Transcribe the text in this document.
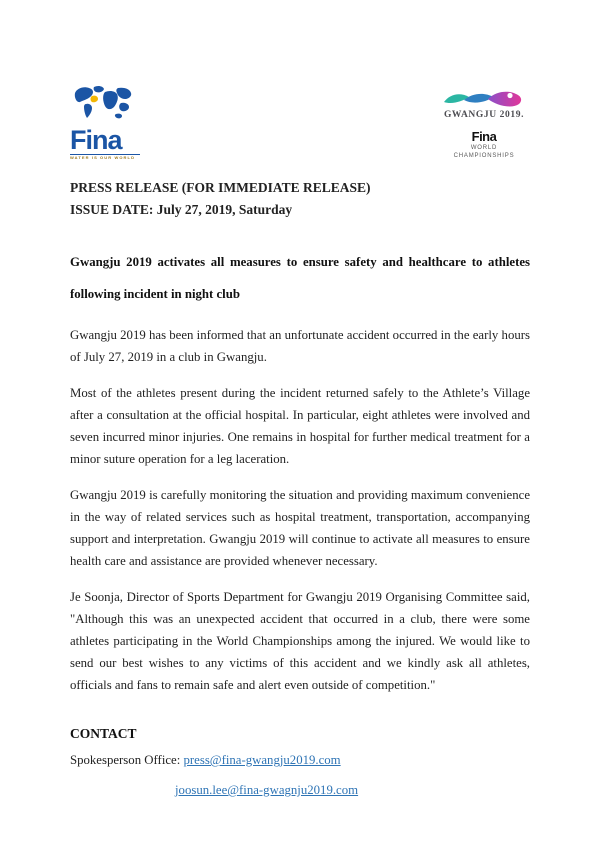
Fina
WATER IS OUR WORLD
GWANGJU 2019.
Fina
WORLD
CHAMPIONSHIPS
PRESS RELEASE (FOR IMMEDIATE RELEASE)
ISSUE DATE: July 27, 2019, Saturday
Gwangju 2019 activates all measures to ensure safety and healthcare to athletes following incident in night club

Gwangju 2019 has been informed that an unfortunate accident occurred in the early hours of July 27, 2019 in a club in Gwangju.

Most of the athletes present during the incident returned safely to the Athlete’s Village after a consultation at the official hospital. In particular, eight athletes were involved and seven incurred minor injuries. One remains in hospital for further medical treatment for a minor suture operation for a leg laceration.

Gwangju 2019 is carefully monitoring the situation and providing maximum convenience in the way of related services such as hospital treatment, transportation, accompanying support and interpretation. Gwangju 2019 will continue to activate all measures to ensure health care and assistance are provided whenever necessary.

Je Soonja, Director of Sports Department for Gwangju 2019 Organising Committee said, "Although this was an unexpected accident that occurred in a club, there were some athletes participating in the World Championships among the injured. We would like to send our best wishes to any victims of this accident and we kindly ask all athletes, officials and fans to remain safe and alert even outside of competition."

CONTACT
Spokesperson Office: press@fina-gwangju2019.com
joosun.lee@fina-gwagnju2019.com
